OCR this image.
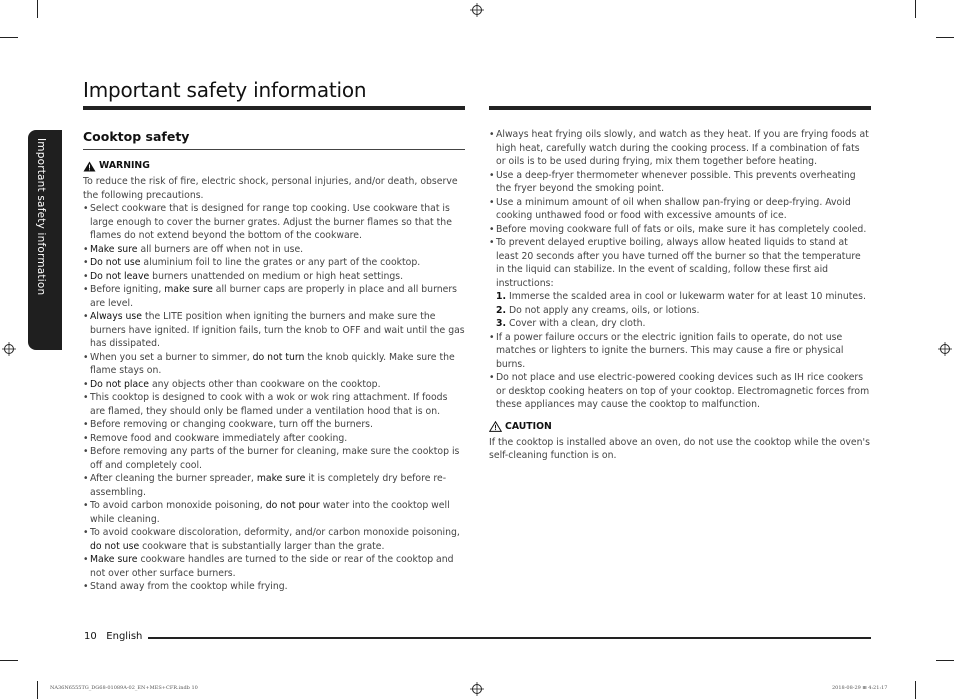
Important safety information
Important safety information
Cooktop safety
WARNING

To reduce the risk of fire, electric shock, personal injuries, and/or death, observe the following precautions.

• Select cookware that is designed for range top cooking. Use cookware that is large enough to cover the burner grates. Adjust the burner flames so that the flames do not extend beyond the bottom of the cookware.
• Make sure all burners are off when not in use.
• Do not use aluminium foil to line the grates or any part of the cooktop.
• Do not leave burners unattended on medium or high heat settings.
• Before igniting, make sure all burner caps are properly in place and all burners are level.
• Always use the LITE position when igniting the burners and make sure the burners have ignited. If ignition fails, turn the knob to OFF and wait until the gas has dissipated.
• When you set a burner to simmer, do not turn the knob quickly. Make sure the flame stays on.
• Do not place any objects other than cookware on the cooktop.
• This cooktop is designed to cook with a wok or wok ring attachment. If foods are flamed, they should only be flamed under a ventilation hood that is on.
• Before removing or changing cookware, turn off the burners.
• Remove food and cookware immediately after cooking.
• Before removing any parts of the burner for cleaning, make sure the cooktop is off and completely cool.
• After cleaning the burner spreader, make sure it is completely dry before re-assembling.
• To avoid carbon monoxide poisoning, do not pour water into the cooktop well while cleaning.
• To avoid cookware discoloration, deformity, and/or carbon monoxide poisoning, do not use cookware that is substantially larger than the grate.
• Make sure cookware handles are turned to the side or rear of the cooktop and not over other surface burners.
• Stand away from the cooktop while frying.
• Always heat frying oils slowly, and watch as they heat. If you are frying foods at high heat, carefully watch during the cooking process. If a combination of fats or oils is to be used during frying, mix them together before heating.
• Use a deep-fryer thermometer whenever possible. This prevents overheating the fryer beyond the smoking point.
• Use a minimum amount of oil when shallow pan-frying or deep-frying. Avoid cooking unthawed food or food with excessive amounts of ice.
• Before moving cookware full of fats or oils, make sure it has completely cooled.
• To prevent delayed eruptive boiling, always allow heated liquids to stand at least 20 seconds after you have turned off the burner so that the temperature in the liquid can stabilize. In the event of scalding, follow these first aid instructions:
1. Immerse the scalded area in cool or lukewarm water for at least 10 minutes.
2. Do not apply any creams, oils, or lotions.
3. Cover with a clean, dry cloth.
• If a power failure occurs or the electric ignition fails to operate, do not use matches or lighters to ignite the burners. This may cause a fire or physical burns.
• Do not place and use electric-powered cooking devices such as IH rice cookers or desktop cooking heaters on top of your cooktop. Electromagnetic forces from these appliances may cause the cooktop to malfunction.
CAUTION

If the cooktop is installed above an oven, do not use the cooktop while the oven's self-cleaning function is on.

10 English
NA36N6555TG_DG68-01089A-02_EN+MES+CFR.indb 10	2018-08-29 ⊞ 4:21:17
